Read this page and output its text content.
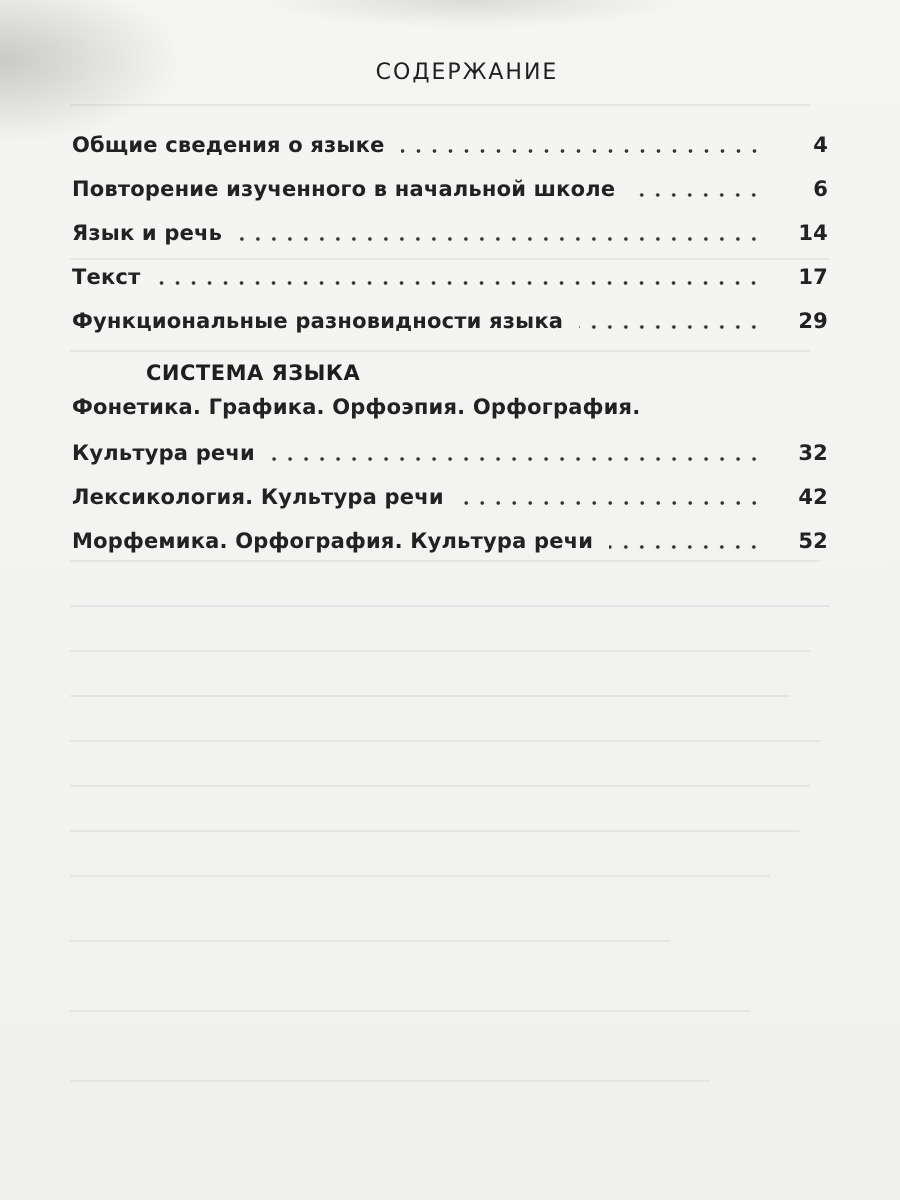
СОДЕРЖАНИЕ
Общие сведения о языке	4
Повторение изученного в начальной школе	6
Язык и речь	14
Текст	17
Функциональные разновидности языка	29
СИСТЕМА ЯЗЫКА
Фонетика. Графика. Орфоэпия. Орфография.
Культура речи	32
Лексикология. Культура речи	42
Морфемика. Орфография. Культура речи	52
